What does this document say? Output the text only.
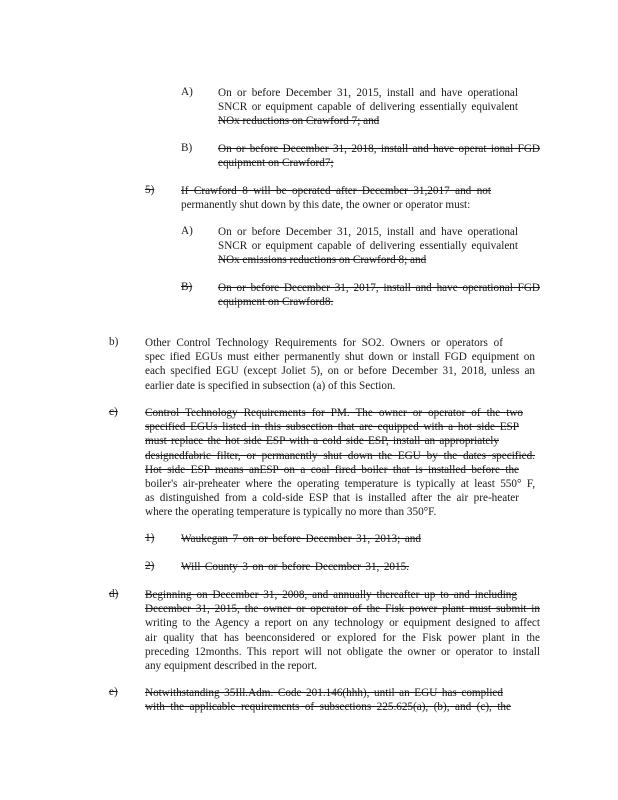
A) On or before December 31, 2015, install and have operational
SNCR or equipment capable of delivering essentially equivalent
NOx reductions on Crawford 7; and
B) On or before December 31, 2018, install and have operat ional FGD
equipment on Crawford7;
5) If Crawford 8 will be operated after December 31,2017 and not
permanently shut down by this date, the owner or operator must:
A) On or before December 31, 2015, install and have operational
SNCR or equipment capable of delivering essentially equivalent
NOx emissions reductions on Crawford 8; and
B) On or before December 31, 2017, install and have operational FGD
equipment on Crawford8.
b) Other Control Technology Requirements for SO2. Owners or operators of
spec ified EGUs must either permanently shut down or install FGD equipment on
each specified EGU (except Joliet 5), on or before December 31, 2018, unless an
earlier date is specified in subsection (a) of this Section.
c) Control Technology Requirements for PM. The owner or operator of the two
specified EGUs listed in this subsection that are equipped with a hot side ESP
must replace the hot side ESP with a cold side ESP, install an appropriately
designedfabric filter, or permanently shut down the EGU by the dates specified.
Hot side ESP means anESP on a coal fired boiler that is installed before the
boiler's air-preheater where the operating temperature is typically at least 550° F,
as distinguished from a cold-side ESP that is installed after the air pre-heater
where the operating temperature is typically no more than 350°F.
1) Waukegan 7 on or before December 31, 2013; and
2) Will County 3 on or before December 31, 2015.
d) Beginning on December 31, 2008, and annually thereafter up to and including
December 31, 2015, the owner or operator of the Fisk power plant must submit in
writing to the Agency a report on any technology or equipment designed to affect
air quality that has beenconsidered or explored for the Fisk power plant in the
preceding 12months. This report will not obligate the owner or operator to install
any equipment described in the report.
e) Notwithstanding 35Ill.Adm. Code 201.146(hhh), until an EGU has complied
with the applicable requirements of subsections 225.625(a), (b), and (c), the
